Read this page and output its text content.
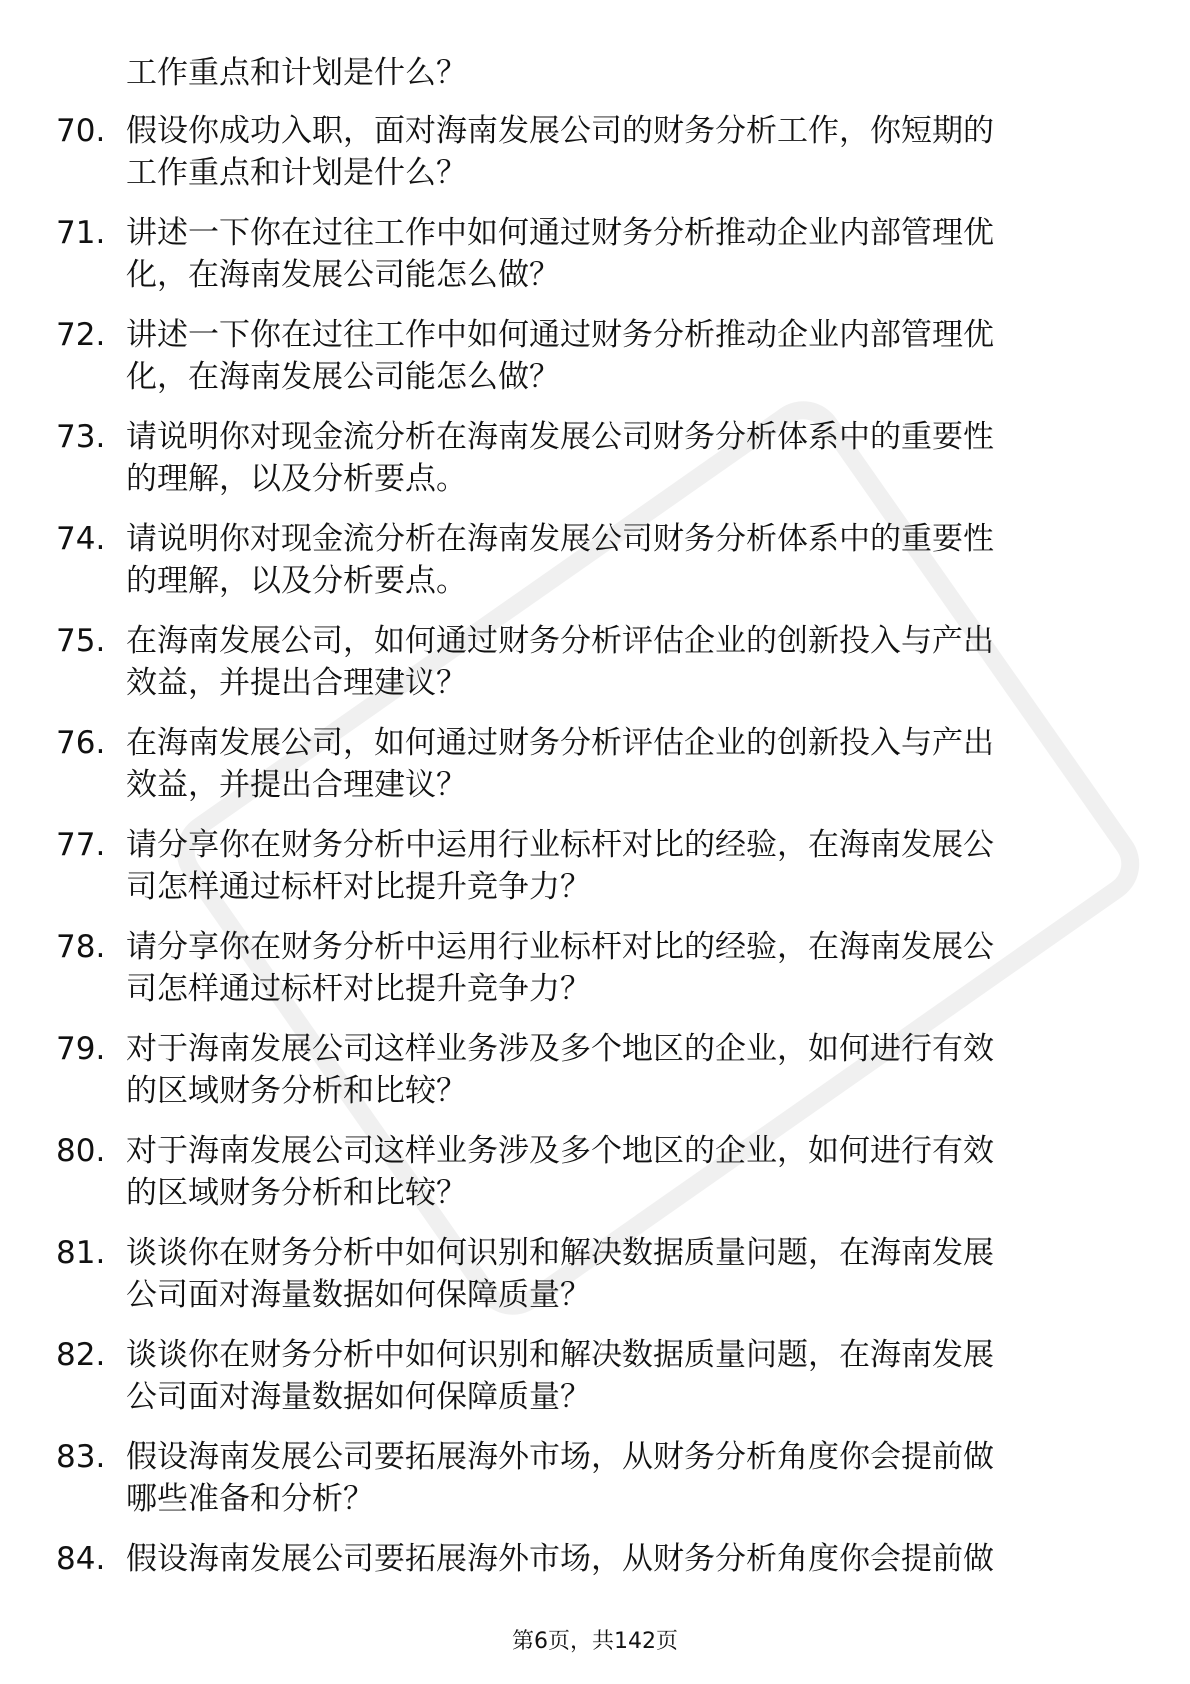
工作重点和计划是什么？
70. 假设你成功入职，面对海南发展公司的财务分析工作，你短期的
工作重点和计划是什么？
71. 讲述一下你在过往工作中如何通过财务分析推动企业内部管理优
化，在海南发展公司能怎么做？
72. 讲述一下你在过往工作中如何通过财务分析推动企业内部管理优
化，在海南发展公司能怎么做？
73. 请说明你对现金流分析在海南发展公司财务分析体系中的重要性
的理解，以及分析要点。
74. 请说明你对现金流分析在海南发展公司财务分析体系中的重要性
的理解，以及分析要点。
75. 在海南发展公司，如何通过财务分析评估企业的创新投入与产出
效益，并提出合理建议？
76. 在海南发展公司，如何通过财务分析评估企业的创新投入与产出
效益，并提出合理建议？
77. 请分享你在财务分析中运用行业标杆对比的经验，在海南发展公
司怎样通过标杆对比提升竞争力？
78. 请分享你在财务分析中运用行业标杆对比的经验，在海南发展公
司怎样通过标杆对比提升竞争力？
79. 对于海南发展公司这样业务涉及多个地区的企业，如何进行有效
的区域财务分析和比较？
80. 对于海南发展公司这样业务涉及多个地区的企业，如何进行有效
的区域财务分析和比较？
81. 谈谈你在财务分析中如何识别和解决数据质量问题，在海南发展
公司面对海量数据如何保障质量？
82. 谈谈你在财务分析中如何识别和解决数据质量问题，在海南发展
公司面对海量数据如何保障质量？
83. 假设海南发展公司要拓展海外市场，从财务分析角度你会提前做
哪些准备和分析？
84. 假设海南发展公司要拓展海外市场，从财务分析角度你会提前做
第6页，共142页
